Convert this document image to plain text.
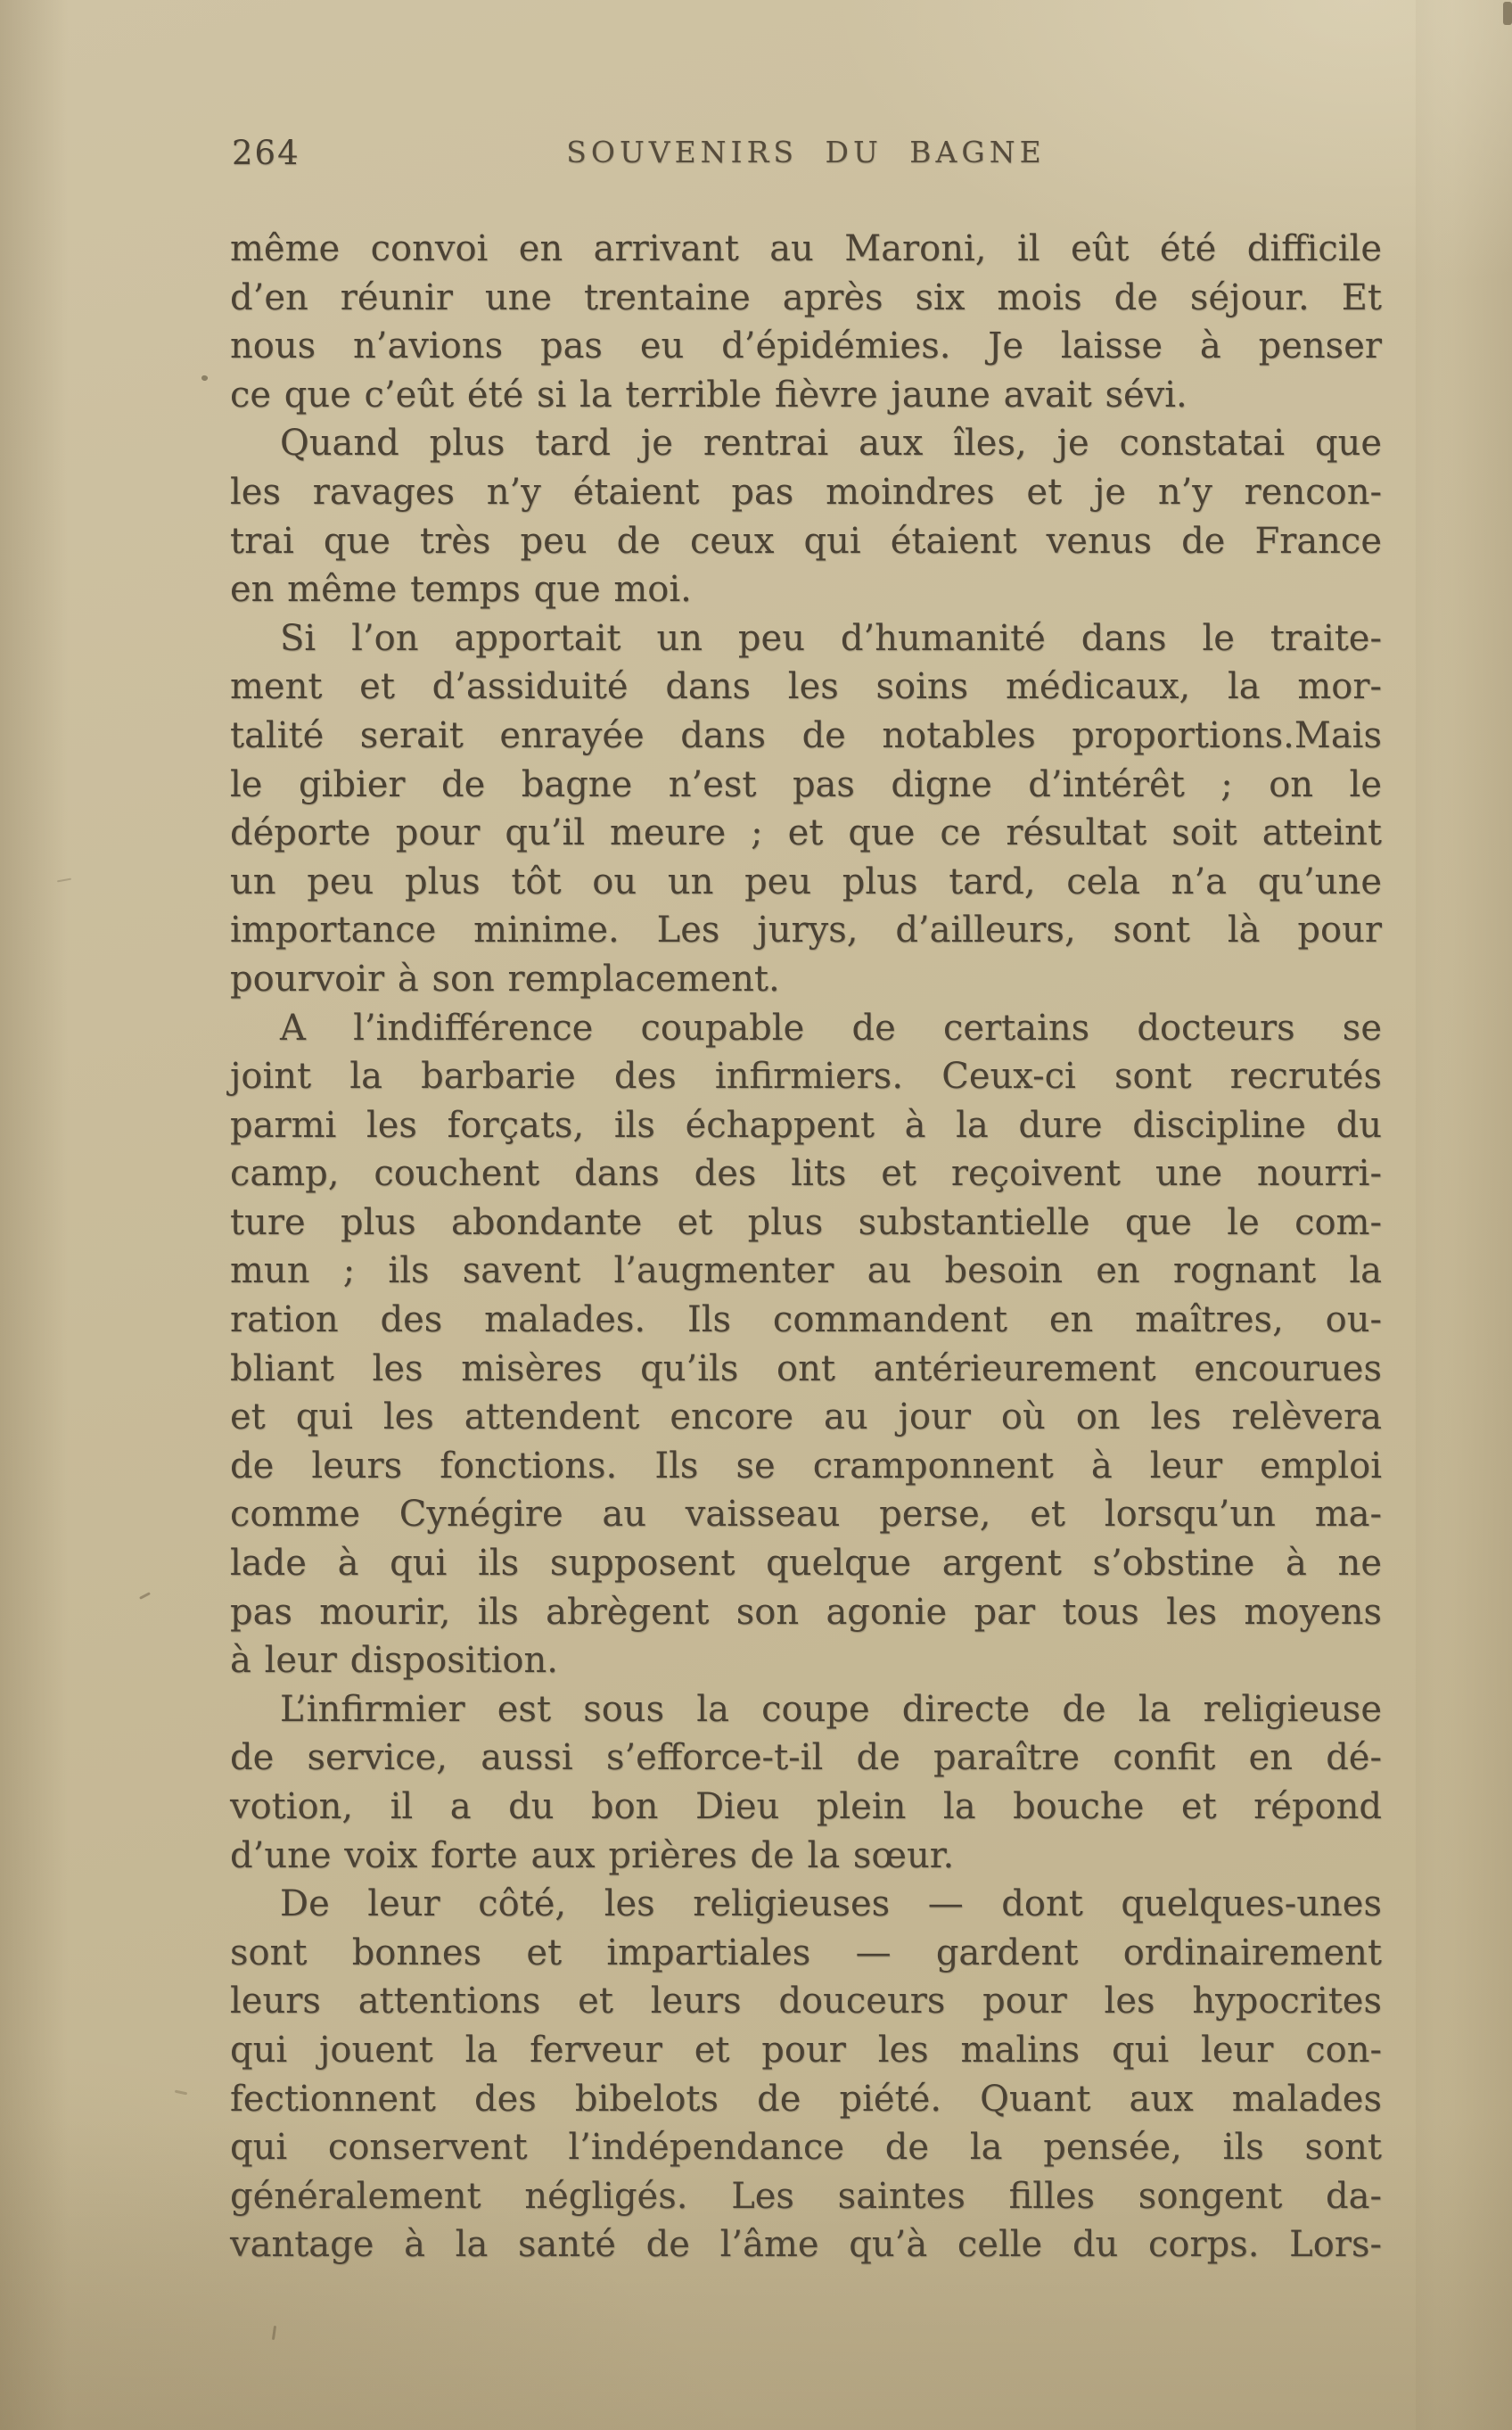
264	SOUVENIRS DU BAGNE
même convoi en arrivant au Maroni, il eût été difficile
d’en réunir une trentaine après six mois de séjour. Et
nous n’avions pas eu d’épidémies. Je laisse à penser
ce que c’eût été si la terrible fièvre jaune avait sévi.
Quand plus tard je rentrai aux îles, je constatai que
les ravages n’y étaient pas moindres et je n’y rencon-
trai que très peu de ceux qui étaient venus de France
en même temps que moi.
Si l’on apportait un peu d’humanité dans le traite-
ment et d’assiduité dans les soins médicaux, la mor-
talité serait enrayée dans de notables proportions.Mais
le gibier de bagne n’est pas digne d’intérêt ; on le
déporte pour qu’il meure ; et que ce résultat soit atteint
un peu plus tôt ou un peu plus tard, cela n’a qu’une
importance minime. Les jurys, d’ailleurs, sont là pour
pourvoir à son remplacement.
A l’indifférence coupable de certains docteurs se
joint la barbarie des infirmiers. Ceux-ci sont recrutés
parmi les forçats, ils échappent à la dure discipline du
camp, couchent dans des lits et reçoivent une nourri-
ture plus abondante et plus substantielle que le com-
mun ; ils savent l’augmenter au besoin en rognant la
ration des malades. Ils commandent en maîtres, ou-
bliant les misères qu’ils ont antérieurement encourues
et qui les attendent encore au jour où on les relèvera
de leurs fonctions. Ils se cramponnent à leur emploi
comme Cynégire au vaisseau perse, et lorsqu’un ma-
lade à qui ils supposent quelque argent s’obstine à ne
pas mourir, ils abrègent son agonie par tous les moyens
à leur disposition.
L’infirmier est sous la coupe directe de la religieuse
de service, aussi s’efforce-t-il de paraître confit en dé-
votion, il a du bon Dieu plein la bouche et répond
d’une voix forte aux prières de la sœur.
De leur côté, les religieuses — dont quelques-unes
sont bonnes et impartiales — gardent ordinairement
leurs attentions et leurs douceurs pour les hypocrites
qui jouent la ferveur et pour les malins qui leur con-
fectionnent des bibelots de piété. Quant aux malades
qui conservent l’indépendance de la pensée, ils sont
généralement négligés. Les saintes filles songent da-
vantage à la santé de l’âme qu’à celle du corps. Lors-
